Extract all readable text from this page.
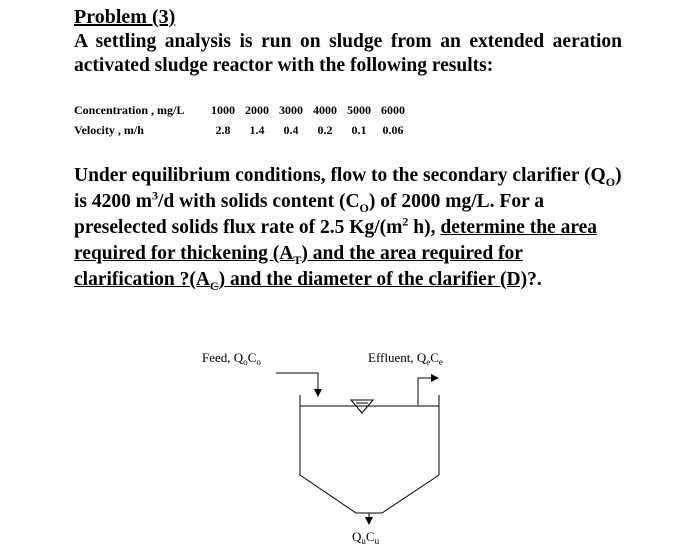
Problem (3)
A settling analysis is run on sludge from an extended aeration activated sludge reactor with the following results:
Concentration , mg/L	1000	2000	3000	4000	5000	6000
Velocity , m/h	2.8	1.4	0.4	0.2	0.1	0.06
Under equilibrium conditions, flow to the secondary clarifier $(Q_O)$ is 4200 $m^3/d$ with solids content $(C_O)$ of 2000 mg/L. For a preselected solids flux rate of 2.5 $Kg/(m^2$ h), determine the area required for thickening $(A_T)$ and the area required for clarification $?(A_C)$ and the diameter of the clarifier (D)?.
Feed, $Q_oC_o$	Effluent, $Q_eC_e$
$Q_uC_u$
